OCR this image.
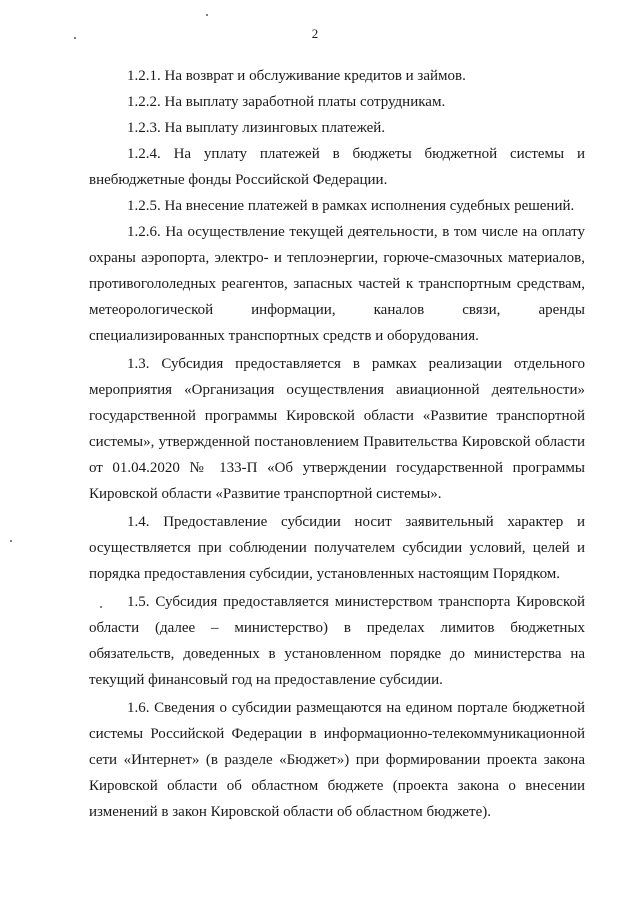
2

1.2.1. На возврат и обслуживание кредитов и займов.

1.2.2. На выплату заработной платы сотрудникам.

1.2.3. На выплату лизинговых платежей.

1.2.4. На уплату платежей в бюджеты бюджетной системы и внебюджетные фонды Российской Федерации.

1.2.5. На внесение платежей в рамках исполнения судебных решений.

1.2.6. На осуществление текущей деятельности, в том числе на оплату охраны аэропорта, электро- и теплоэнергии, горюче-смазочных материалов, противогололедных реагентов, запасных частей к транспортным средствам, метеорологической информации, каналов связи, аренды специализированных транспортных средств и оборудования.

1.3. Субсидия предоставляется в рамках реализации отдельного мероприятия «Организация осуществления авиационной деятельности» государственной программы Кировской области «Развитие транспортной системы», утвержденной постановлением Правительства Кировской области от 01.04.2020 № 133-П «Об утверждении государственной программы Кировской области «Развитие транспортной системы».

1.4. Предоставление субсидии носит заявительный характер и осуществляется при соблюдении получателем субсидии условий, целей и порядка предоставления субсидии, установленных настоящим Порядком.

1.5. Субсидия предоставляется министерством транспорта Кировской области (далее – министерство) в пределах лимитов бюджетных обязательств, доведенных в установленном порядке до министерства на текущий финансовый год на предоставление субсидии.

1.6. Сведения о субсидии размещаются на едином портале бюджетной системы Российской Федерации в информационно-телекоммуникационной сети «Интернет» (в разделе «Бюджет») при формировании проекта закона Кировской области об областном бюджете (проекта закона о внесении изменений в закон Кировской области об областном бюджете).
